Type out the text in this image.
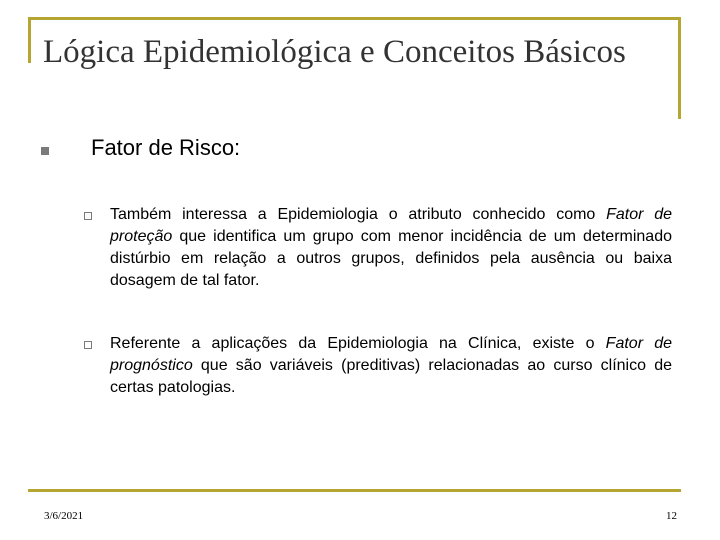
Lógica Epidemiológica e Conceitos Básicos

Fator de Risco:

Também interessa a Epidemiologia o atributo conhecido como Fator de proteção que identifica um grupo com menor incidência de um determinado distúrbio em relação a outros grupos, definidos pela ausência ou baixa dosagem de tal fator.

Referente a aplicações da Epidemiologia na Clínica, existe o Fator de prognóstico que são variáveis (preditivas) relacionadas ao curso clínico de certas patologias.

3/6/2021	12
